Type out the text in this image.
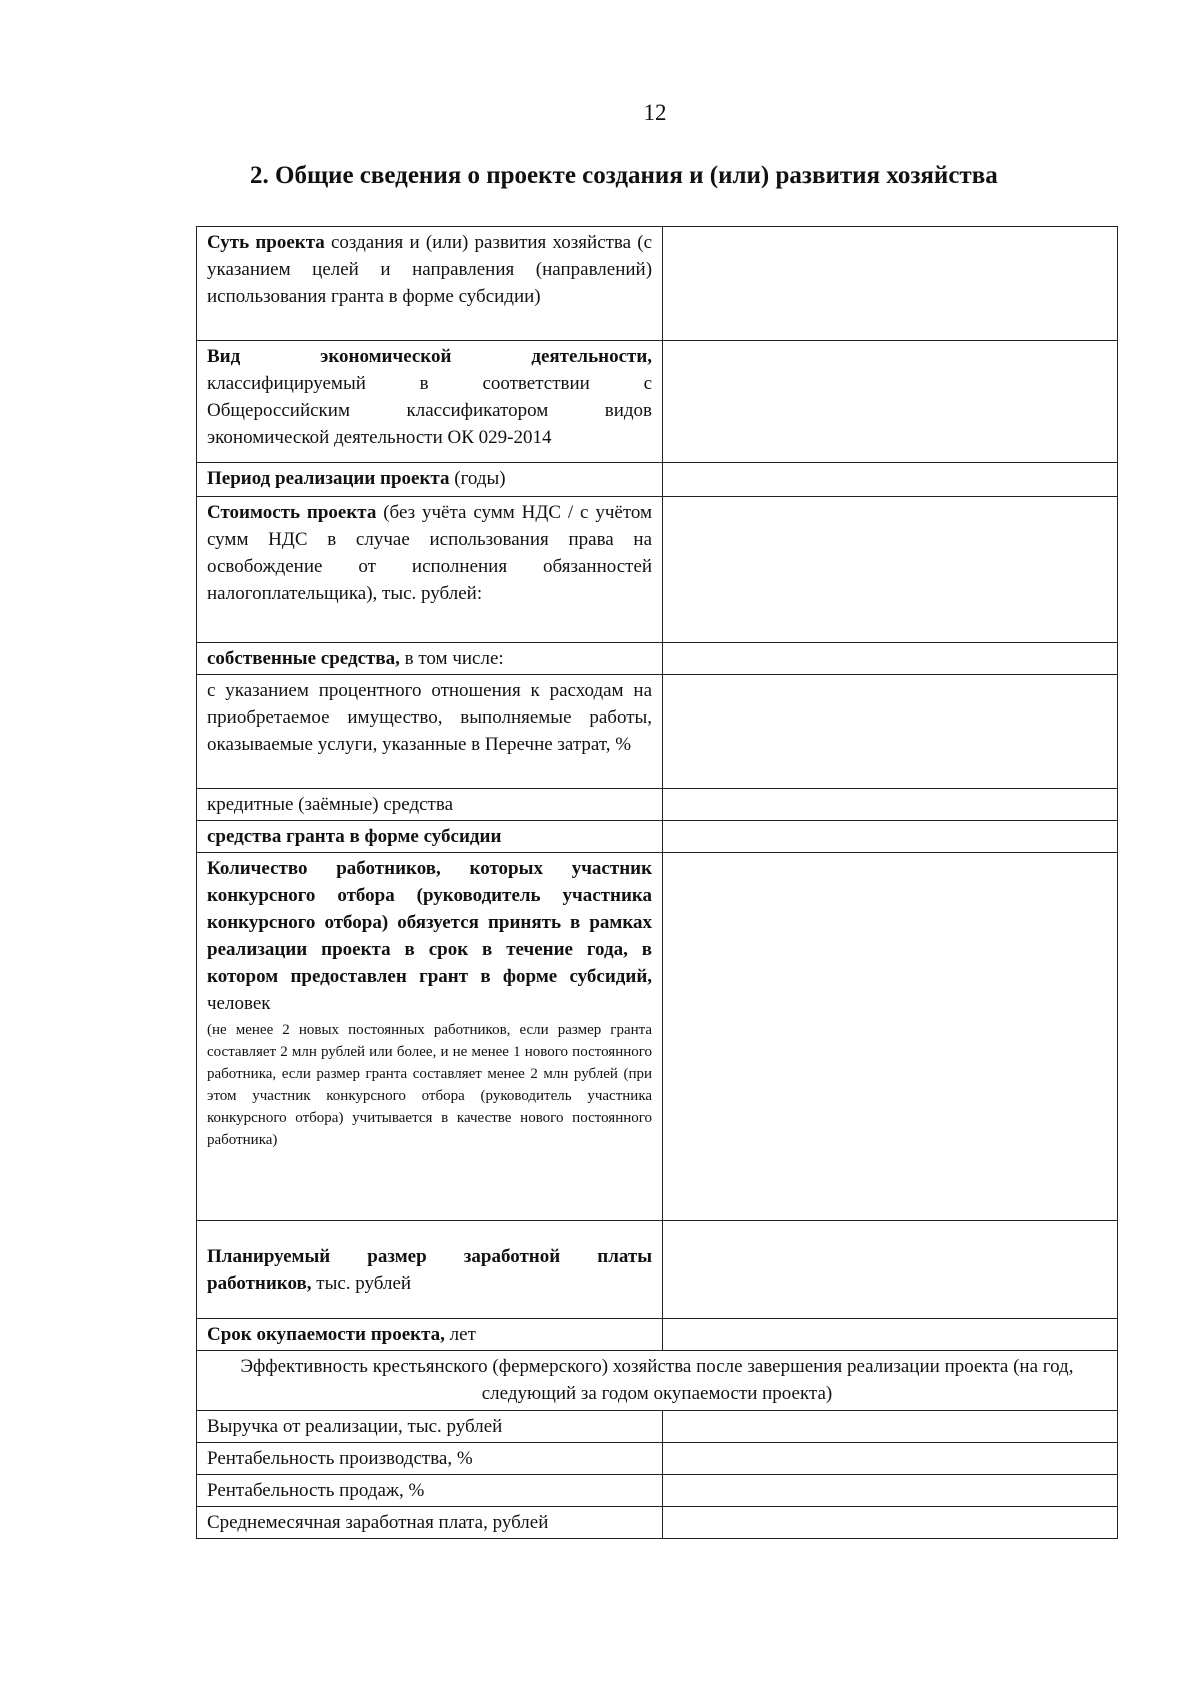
12
2. Общие сведения о проекте создания и (или) развития хозяйства
Суть проекта создания и (или) развития хозяйства (с указанием целей и направления (направлений) использования гранта в форме субсидии)	
Вид экономической деятельности, классифицируемый в соответствии с Общероссийским классификатором видов экономической деятельности ОК 029-2014	
Период реализации проекта (годы)	
Стоимость проекта (без учёта сумм НДС / с учётом сумм НДС в случае использования права на освобождение от исполнения обязанностей налогоплательщика), тыс. рублей:	
собственные средства, в том числе:	
с указанием процентного отношения к расходам на приобретаемое имущество, выполняемые работы, оказываемые услуги, указанные в Перечне затрат, %	
кредитные (заёмные) средства	
средства гранта в форме субсидии	
Количество работников, которых участник конкурсного отбора (руководитель участника конкурсного отбора) обязуется принять в рамках реализации проекта в срок в течение года, в котором предоставлен грант в форме субсидий, человек
(не менее 2 новых постоянных работников, если размер гранта составляет 2 млн рублей или более, и не менее 1 нового постоянного работника, если размер гранта составляет менее 2 млн рублей (при этом участник конкурсного отбора (руководитель участника конкурсного отбора) учитывается в качестве нового постоянного работника)	

Планируемый размер заработной платы работников, тыс. рублей	
Срок окупаемости проекта, лет	
Эффективность крестьянского (фермерского) хозяйства после завершения реализации проекта (на год, следующий за годом окупаемости проекта)	
Выручка от реализации, тыс. рублей	
Рентабельность производства, %	
Рентабельность продаж, %	
Среднемесячная заработная плата, рублей	
